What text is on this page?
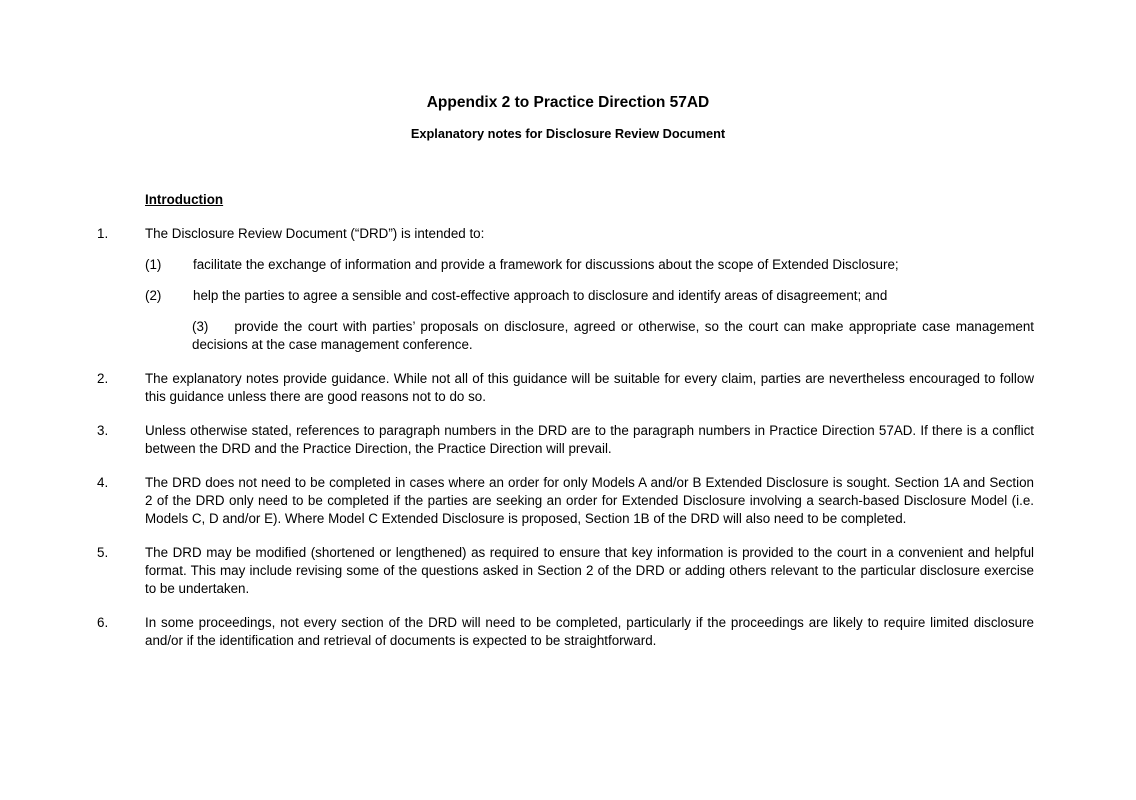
Appendix 2 to Practice Direction 57AD
Explanatory notes for Disclosure Review Document
Introduction
1.	The Disclosure Review Document (“DRD”) is intended to:
(1) facilitate the exchange of information and provide a framework for discussions about the scope of Extended Disclosure;
(2) help the parties to agree a sensible and cost-effective approach to disclosure and identify areas of disagreement; and
(3) provide the court with parties’ proposals on disclosure, agreed or otherwise, so the court can make appropriate case management decisions at the case management conference.
2.	The explanatory notes provide guidance. While not all of this guidance will be suitable for every claim, parties are nevertheless encouraged to follow this guidance unless there are good reasons not to do so.
3.	Unless otherwise stated, references to paragraph numbers in the DRD are to the paragraph numbers in Practice Direction 57AD. If there is a conflict between the DRD and the Practice Direction, the Practice Direction will prevail.
4.	The DRD does not need to be completed in cases where an order for only Models A and/or B Extended Disclosure is sought. Section 1A and Section 2 of the DRD only need to be completed if the parties are seeking an order for Extended Disclosure involving a search-based Disclosure Model (i.e. Models C, D and/or E). Where Model C Extended Disclosure is proposed, Section 1B of the DRD will also need to be completed.
5.	The DRD may be modified (shortened or lengthened) as required to ensure that key information is provided to the court in a convenient and helpful format. This may include revising some of the questions asked in Section 2 of the DRD or adding others relevant to the particular disclosure exercise to be undertaken.
6.	In some proceedings, not every section of the DRD will need to be completed, particularly if the proceedings are likely to require limited disclosure and/or if the identification and retrieval of documents is expected to be straightforward.
